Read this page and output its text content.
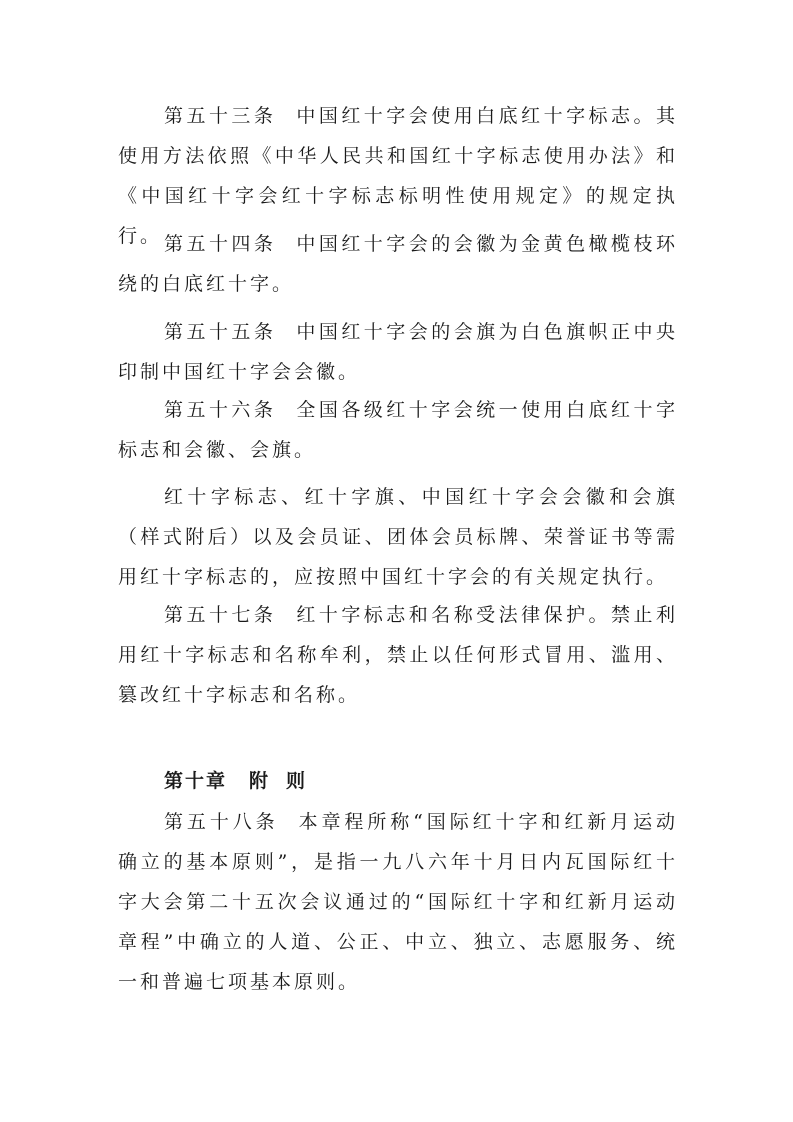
第五十三条 中国红十字会使用白底红十字标志。其使用方法依照《中华人民共和国红十字标志使用办法》和《中国红十字会红十字标志标明性使用规定》的规定执行。 第五十四条 中国红十字会的会徽为金黄色橄榄枝环绕的白底红十字。

第五十五条 中国红十字会的会旗为白色旗帜正中央印制中国红十字会会徽。

第五十六条 全国各级红十字会统一使用白底红十字标志和会徽、会旗。

红十字标志、红十字旗、中国红十字会会徽和会旗（样式附后）以及会员证、团体会员标牌、荣誉证书等需用红十字标志的，应按照中国红十字会的有关规定执行。

第五十七条 红十字标志和名称受法律保护。禁止利用红十字标志和名称牟利，禁止以任何形式冒用、滥用、篡改红十字标志和名称。

第十章 附 则

第五十八条 本章程所称“国际红十字和红新月运动确立的基本原则”，是指一九八六年十月日内瓦国际红十字大会第二十五次会议通过的“国际红十字和红新月运动章程”中确立的人道、公正、中立、独立、志愿服务、统一和普遍七项基本原则。
